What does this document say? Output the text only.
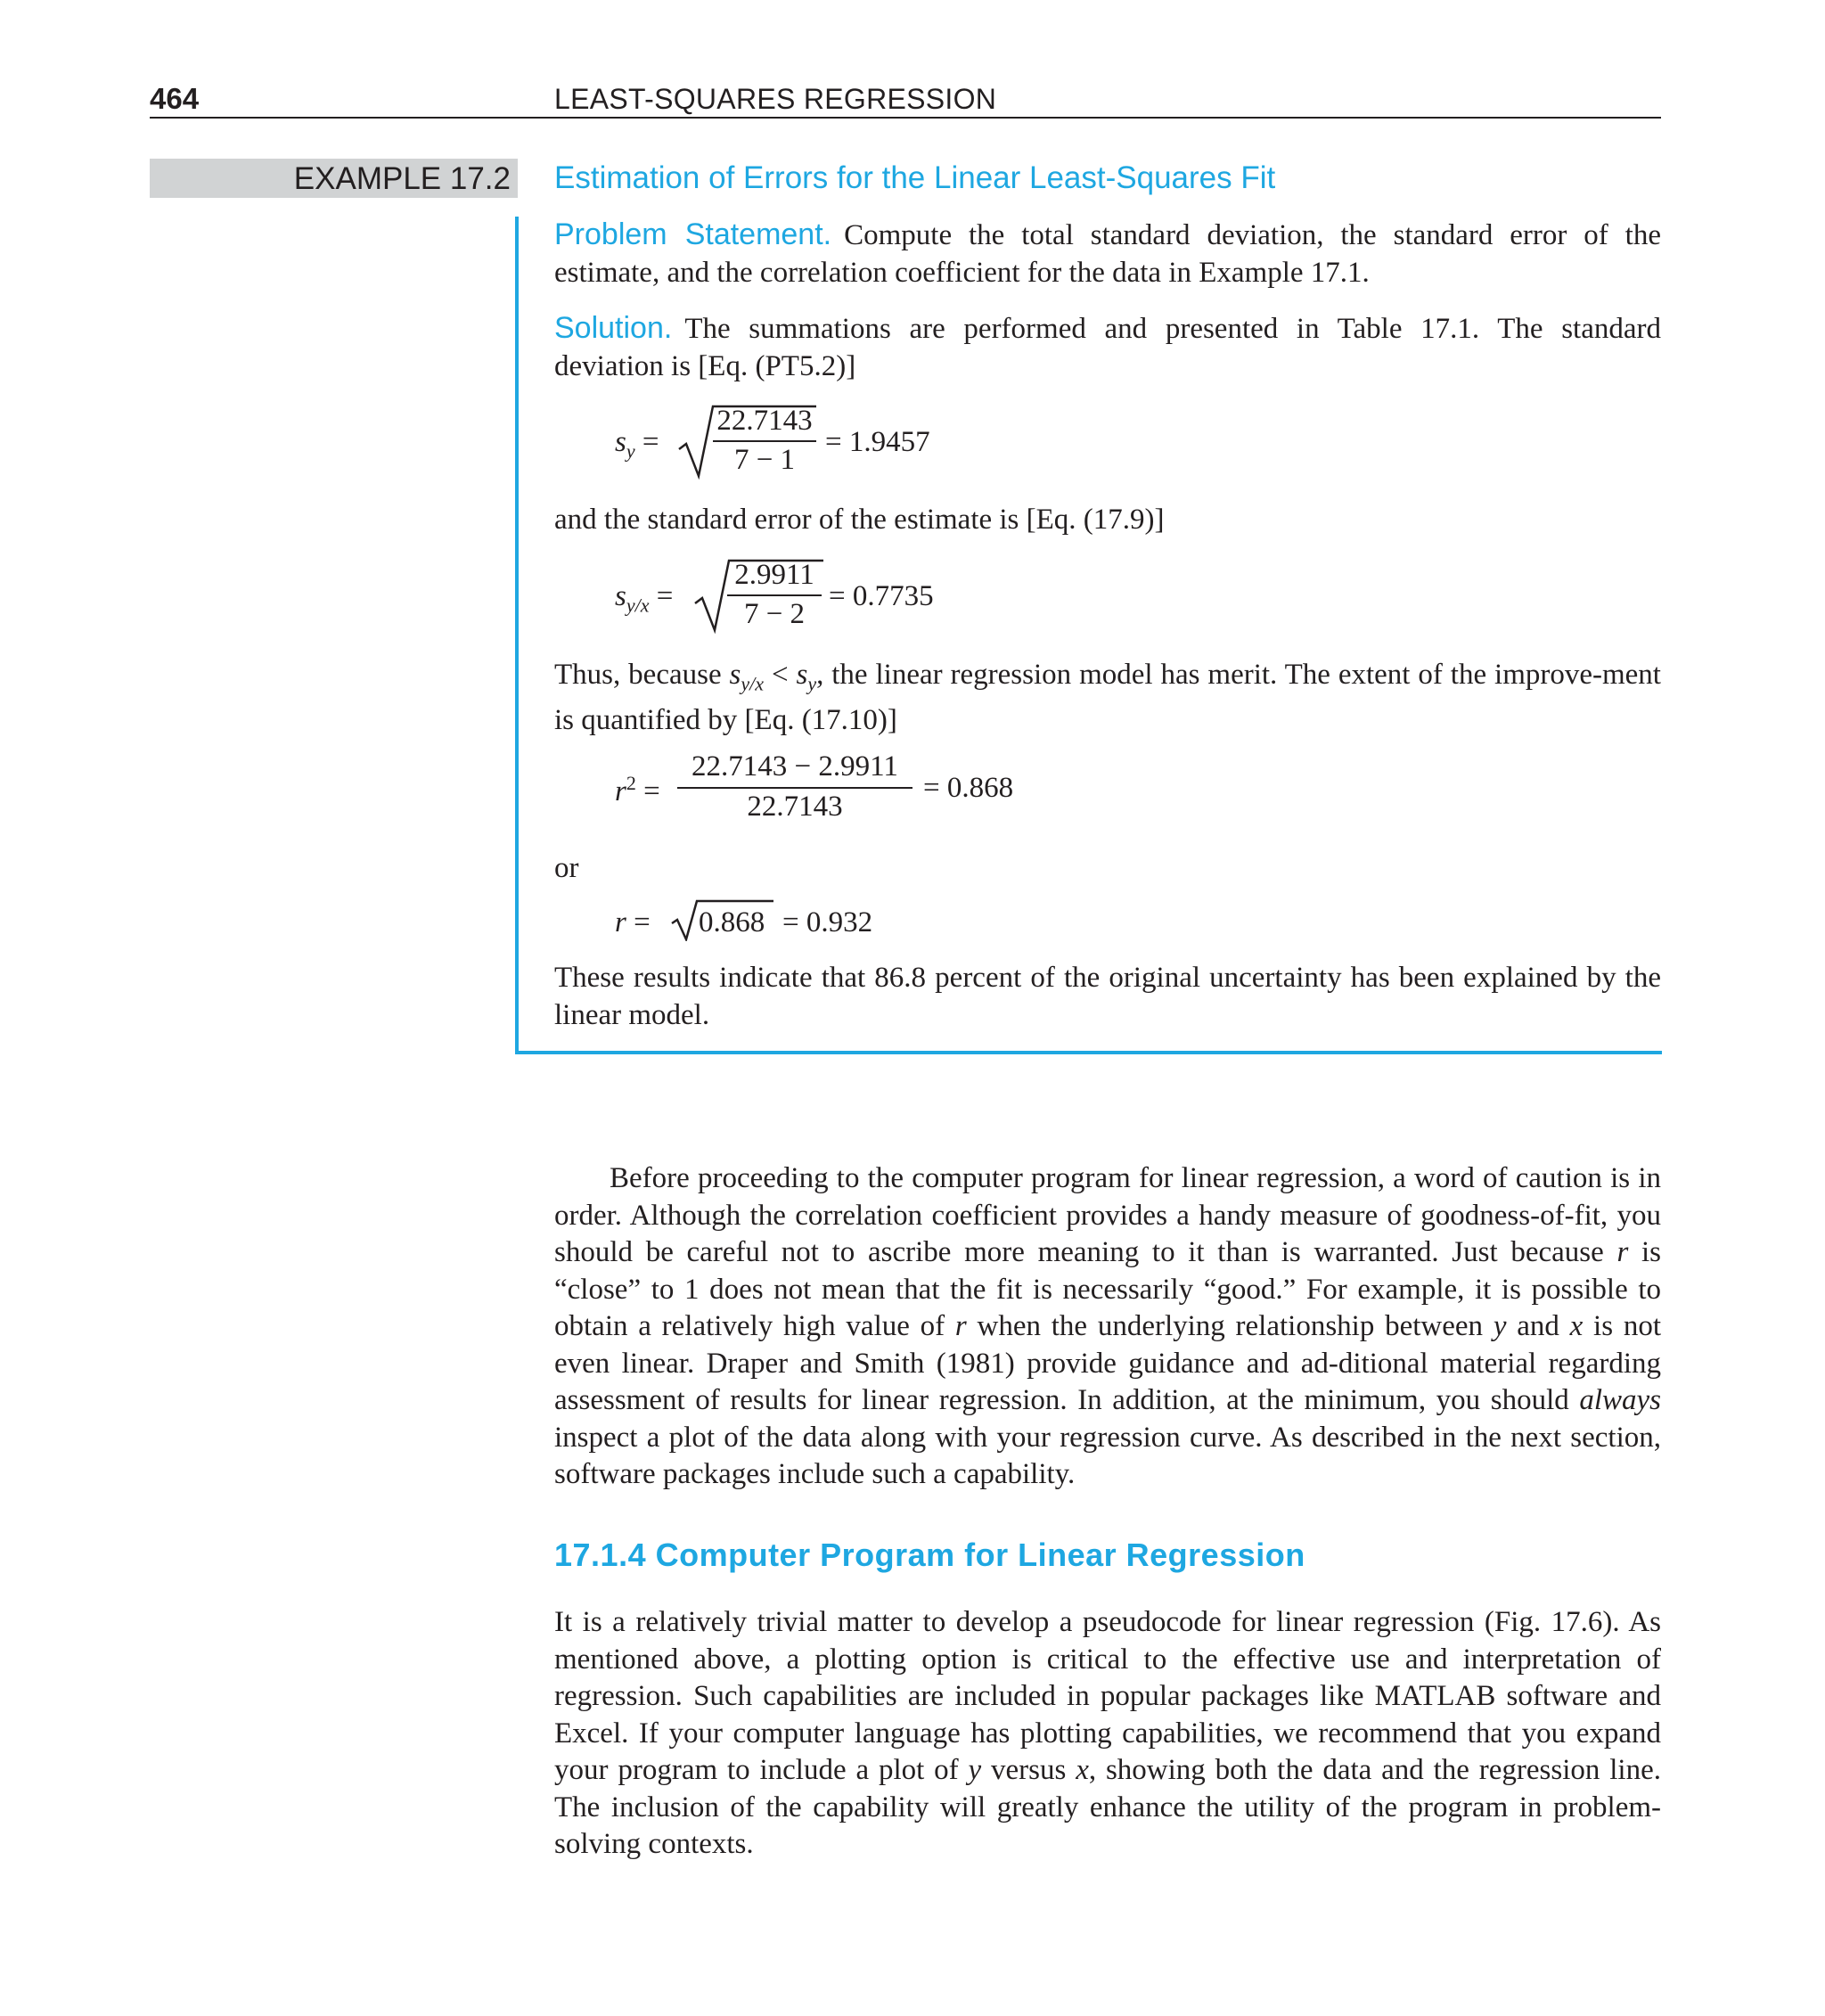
464	LEAST-SQUARES REGRESSION
EXAMPLE 17.2 Estimation of Errors for the Linear Least-Squares Fit

Problem Statement. Compute the total standard deviation, the standard error of the estimate, and the correlation coefficient for the data in Example 17.1.

Solution. The summations are performed and presented in Table 17.1. The standard deviation is [Eq. (PT5.2)]

$s_y$ =
22.7143
7 − 1
= 1.9457

and the standard error of the estimate is [Eq. (17.9)]

$s_{y/x}$ =
2.9911
7 − 2
= 0.7735

Thus, because $s_{y/x} < s_y$, the linear regression model has merit. The extent of the improve-ment is quantified by [Eq. (17.10)]

$r^2$ =
22.7143 − 2.9911
22.7143
= 0.868

or

r = 0.868 = 0.932

These results indicate that 86.8 percent of the original uncertainty has been explained by the linear model.

Before proceeding to the computer program for linear regression, a word of caution is in order. Although the correlation coefficient provides a handy measure of goodness-of-fit, you should be careful not to ascribe more meaning to it than is warranted. Just because r is “close” to 1 does not mean that the fit is necessarily “good.” For example, it is possible to obtain a relatively high value of r when the underlying relationship between y and x is not even linear. Draper and Smith (1981) provide guidance and ad-ditional material regarding assessment of results for linear regression. In addition, at the minimum, you should always inspect a plot of the data along with your regression curve. As described in the next section, software packages include such a capability.

17.1.4 Computer Program for Linear Regression

It is a relatively trivial matter to develop a pseudocode for linear regression (Fig. 17.6). As mentioned above, a plotting option is critical to the effective use and interpretation of regression. Such capabilities are included in popular packages like MATLAB software and Excel. If your computer language has plotting capabilities, we recommend that you expand your program to include a plot of y versus x, showing both the data and the regression line. The inclusion of the capability will greatly enhance the utility of the program in problem-solving contexts.
